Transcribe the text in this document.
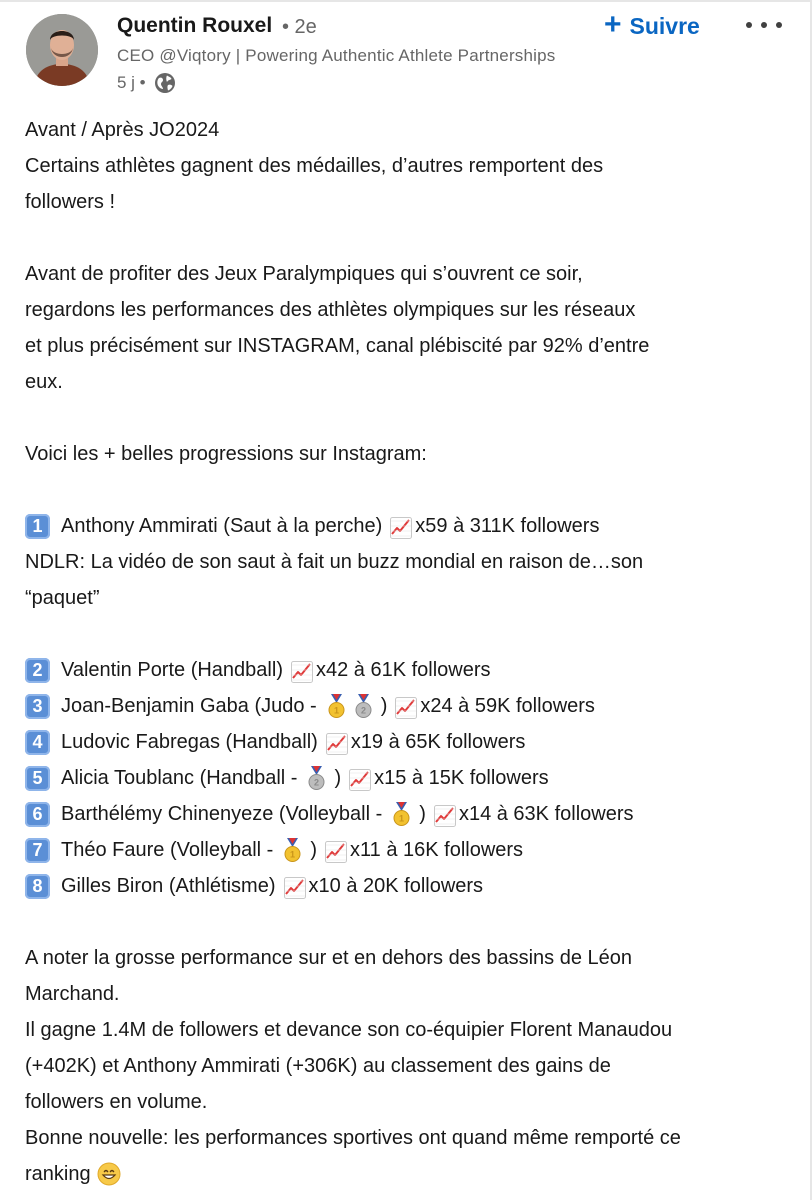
Quentin Rouxel • 2e
CEO @Viqtory | Powering Authentic Athlete Partnerships
5 j •
+ Suivre
Avant / Après JO2024
Certains athlètes gagnent des médailles, d’autres remportent des
followers !
Avant de profiter des Jeux Paralympiques qui s’ouvrent ce soir,
regardons les performances des athlètes olympiques sur les réseaux
et plus précisément sur INSTAGRAM, canal plébiscité par 92% d’entre
eux.
Voici les + belles progressions sur Instagram:
1 Anthony Ammirati (Saut à la perche) x59 à 311K followers
NDLR: La vidéo de son saut à fait un buzz mondial en raison de…son
“paquet”
2 Valentin Porte (Handball) x42 à 61K followers
3 Joan-Benjamin Gaba (Judo - 1 2 ) x24 à 59K followers
4 Ludovic Fabregas (Handball) x19 à 65K followers
5 Alicia Toublanc (Handball - 2 ) x15 à 15K followers
6 Barthélémy Chinenyeze (Volleyball - 1 ) x14 à 63K followers
7 Théo Faure (Volleyball - 1 ) x11 à 16K followers
8 Gilles Biron (Athlétisme) x10 à 20K followers
A noter la grosse performance sur et en dehors des bassins de Léon
Marchand.
Il gagne 1.4M de followers et devance son co-équipier Florent Manaudou
(+402K) et Anthony Ammirati (+306K) au classement des gains de
followers en volume.
Bonne nouvelle: les performances sportives ont quand même remporté ce
ranking
